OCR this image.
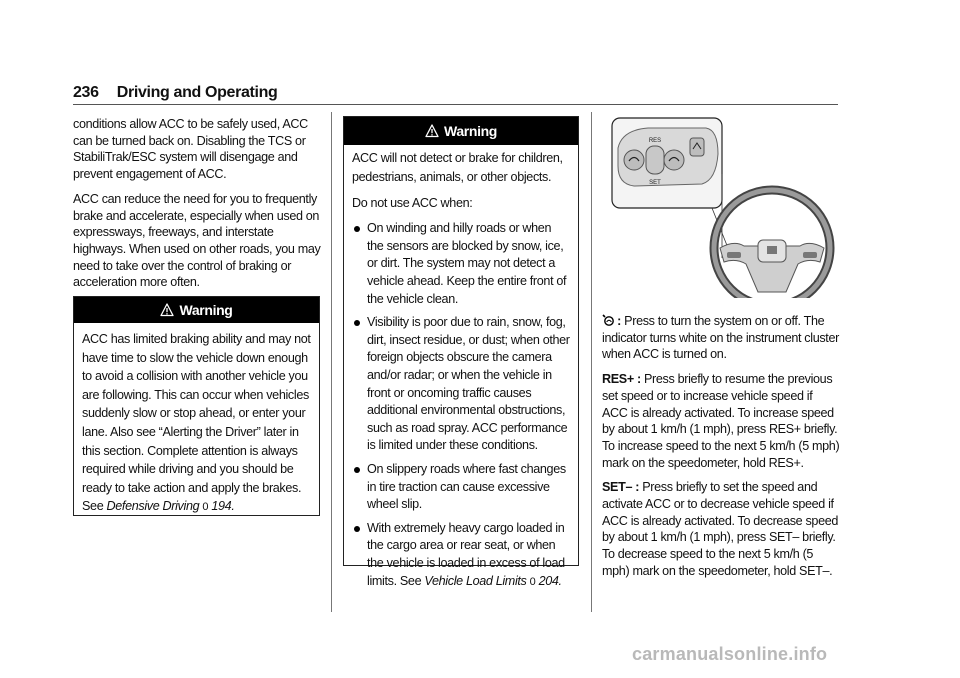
236 Driving and Operating

conditions allow ACC to be safely used, ACC can be turned back on. Disabling the TCS or StabiliTrak/ESC system will disengage and prevent engagement of ACC.

ACC can reduce the need for you to frequently brake and accelerate, especially when used on expressways, freeways, and interstate highways. When used on other roads, you may need to take over the control of braking or acceleration more often.

Warning
ACC has limited braking ability and may not have time to slow the vehicle down enough to avoid a collision with another vehicle you are following. This can occur when vehicles suddenly slow or stop ahead, or enter your lane. Also see “Alerting the Driver” later in this section. Complete attention is always required while driving and you should be ready to take action and apply the brakes. See Defensive Driving 0 194.
Warning

ACC will not detect or brake for children, pedestrians, animals, or other objects.

Do not use ACC when:

On winding and hilly roads or when the sensors are blocked by snow, ice, or dirt. The system may not detect a vehicle ahead. Keep the entire front of the vehicle clean.
Visibility is poor due to rain, snow, fog, dirt, insect residue, or dust; when other foreign objects obscure the camera and/or radar; or when the vehicle in front or oncoming traffic causes additional environmental obstructions, such as road spray. ACC performance is limited under these conditions.
On slippery roads where fast changes in tire traction can cause excessive wheel slip.
With extremely heavy cargo loaded in the cargo area or rear seat, or when the vehicle is loaded in excess of load limits. See Vehicle Load Limits 0 204.
RES
SET

: Press to turn the system on or off. The indicator turns white on the instrument cluster when ACC is turned on.

RES+ : Press briefly to resume the previous set speed or to increase vehicle speed if ACC is already activated. To increase speed by about 1 km/h (1 mph), press RES+ briefly. To increase speed to the next 5 km/h (5 mph) mark on the speedometer, hold RES+.

SET– : Press briefly to set the speed and activate ACC or to decrease vehicle speed if ACC is already activated. To decrease speed by about 1 km/h (1 mph), press SET– briefly. To decrease speed to the next 5 km/h (5 mph) mark on the speedometer, hold SET–.

carmanualsonline.info
